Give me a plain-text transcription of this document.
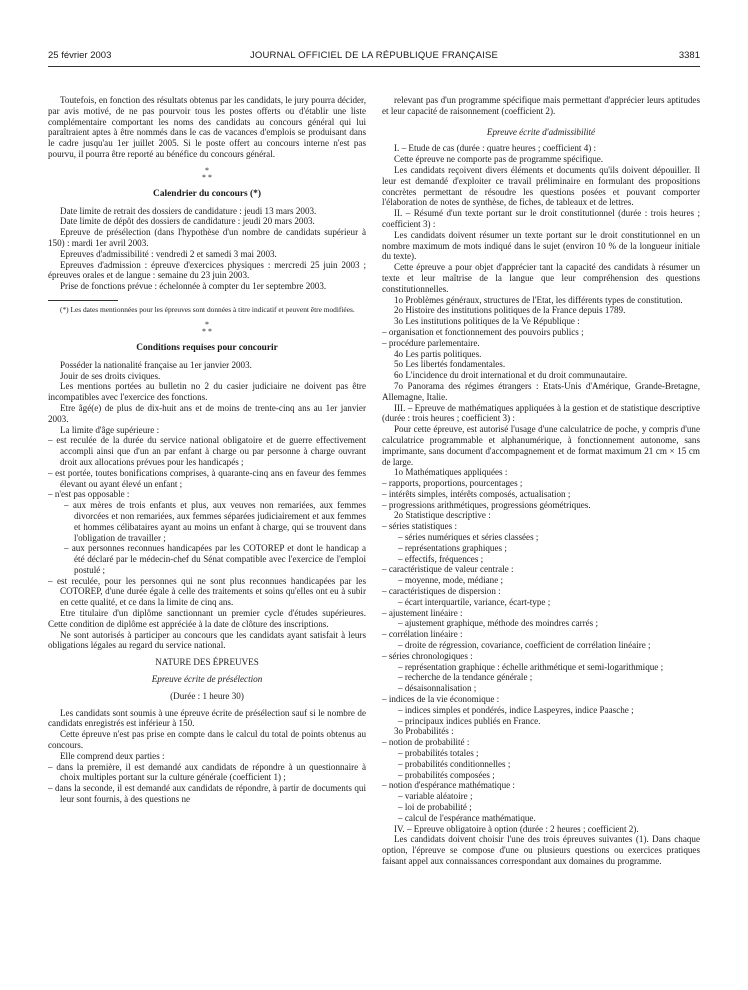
25 février 2003	JOURNAL OFFICIEL DE LA RÉPUBLIQUE FRANÇAISE	3381

Toutefois, en fonction des résultats obtenus par les candidats, le jury pourra décider, par avis motivé, de ne pas pourvoir tous les postes offerts ou d'établir une liste complémentaire comportant les noms des candidats au concours général qui lui paraîtraient aptes à être nommés dans le cas de vacances d'emplois se produisant dans le cadre jusqu'au 1er juillet 2005. Si le poste offert au concours interne n'est pas pourvu, il pourra être reporté au bénéfice du concours général.

*
* *
Calendrier du concours (*)

Date limite de retrait des dossiers de candidature : jeudi 13 mars 2003.

Date limite de dépôt des dossiers de candidature : jeudi 20 mars 2003.

Epreuve de présélection (dans l'hypothèse d'un nombre de candidats supérieur à 150) : mardi 1er avril 2003.

Epreuves d'admissibilité : vendredi 2 et samedi 3 mai 2003.

Epreuves d'admission : épreuve d'exercices physiques : mercredi 25 juin 2003 ; épreuves orales et de langue : semaine du 23 juin 2003.

Prise de fonctions prévue : échelonnée à compter du 1er septembre 2003.

(*) Les dates mentionnées pour les épreuves sont données à titre indicatif et peuvent être modifiées.

*
* *
Conditions requises pour concourir

Posséder la nationalité française au 1er janvier 2003.

Jouir de ses droits civiques.

Les mentions portées au bulletin no 2 du casier judiciaire ne doivent pas être incompatibles avec l'exercice des fonctions.

Etre âgé(e) de plus de dix-huit ans et de moins de trente-cinq ans au 1er janvier 2003.

La limite d'âge supérieure :

– est reculée de la durée du service national obligatoire et de guerre effectivement accompli ainsi que d'un an par enfant à charge ou par personne à charge ouvrant droit aux allocations prévues pour les handicapés ;

– est portée, toutes bonifications comprises, à quarante-cinq ans en faveur des femmes élevant ou ayant élevé un enfant ;

– n'est pas opposable :

– aux mères de trois enfants et plus, aux veuves non remariées, aux femmes divorcées et non remariées, aux femmes séparées judiciairement et aux femmes et hommes célibataires ayant au moins un enfant à charge, qui se trouvent dans l'obligation de travailler ;

– aux personnes reconnues handicapées par les COTOREP et dont le handicap a été déclaré par le médecin-chef du Sénat compatible avec l'exercice de l'emploi postulé ;

– est reculée, pour les personnes qui ne sont plus reconnues handicapées par les COTOREP, d'une durée égale à celle des traitements et soins qu'elles ont eu à subir en cette qualité, et ce dans la limite de cinq ans.

Etre titulaire d'un diplôme sanctionnant un premier cycle d'études supérieures. Cette condition de diplôme est appréciée à la date de clôture des inscriptions.

Ne sont autorisés à participer au concours que les candidats ayant satisfait à leurs obligations légales au regard du service national.

NATURE DES ÉPREUVES
Epreuve écrite de présélection
(Durée : 1 heure 30)

Les candidats sont soumis à une épreuve écrite de présélection sauf si le nombre de candidats enregistrés est inférieur à 150.

Cette épreuve n'est pas prise en compte dans le calcul du total de points obtenus au concours.

Elle comprend deux parties :

– dans la première, il est demandé aux candidats de répondre à un questionnaire à choix multiples portant sur la culture générale (coefficient 1) ;

– dans la seconde, il est demandé aux candidats de répondre, à partir de documents qui leur sont fournis, à des questions ne

relevant pas d'un programme spécifique mais permettant d'apprécier leurs aptitudes et leur capacité de raisonnement (coefficient 2).

Epreuve écrite d'admissibilité

I. – Etude de cas (durée : quatre heures ; coefficient 4) :

Cette épreuve ne comporte pas de programme spécifique.

Les candidats reçoivent divers éléments et documents qu'ils doivent dépouiller. Il leur est demandé d'exploiter ce travail préliminaire en formulant des propositions concrètes permettant de résoudre les questions posées et pouvant comporter l'élaboration de notes de synthèse, de fiches, de tableaux et de lettres.

II. – Résumé d'un texte portant sur le droit constitutionnel (durée : trois heures ; coefficient 3) :

Les candidats doivent résumer un texte portant sur le droit constitutionnel en un nombre maximum de mots indiqué dans le sujet (environ 10 % de la longueur initiale du texte).

Cette épreuve a pour objet d'apprécier tant la capacité des candidats à résumer un texte et leur maîtrise de la langue que leur compréhension des questions constitutionnelles.

1o Problèmes généraux, structures de l'Etat, les différents types de constitution.

2o Histoire des institutions politiques de la France depuis 1789.

3o Les institutions politiques de la Ve République :

– organisation et fonctionnement des pouvoirs publics ;

– procédure parlementaire.

4o Les partis politiques.

5o Les libertés fondamentales.

6o L'incidence du droit international et du droit communautaire.

7o Panorama des régimes étrangers : Etats-Unis d'Amérique, Grande-Bretagne, Allemagne, Italie.

III. – Epreuve de mathématiques appliquées à la gestion et de statistique descriptive (durée : trois heures ; coefficient 3) :

Pour cette épreuve, est autorisé l'usage d'une calculatrice de poche, y compris d'une calculatrice programmable et alphanumérique, à fonctionnement autonome, sans imprimante, sans document d'accompagnement et de format maximum 21 cm × 15 cm de large.

1o Mathématiques appliquées :

– rapports, proportions, pourcentages ;

– intérêts simples, intérêts composés, actualisation ;

– progressions arithmétiques, progressions géométriques.

2o Statistique descriptive :

– séries statistiques :

– séries numériques et séries classées ;

– représentations graphiques ;

– effectifs, fréquences ;

– caractéristique de valeur centrale :

– moyenne, mode, médiane ;

– caractéristiques de dispersion :

– écart interquartile, variance, écart-type ;

– ajustement linéaire :

– ajustement graphique, méthode des moindres carrés ;

– corrélation linéaire :

– droite de régression, covariance, coefficient de corrélation linéaire ;

– séries chronologiques :

– représentation graphique : échelle arithmétique et semi-logarithmique ;

– recherche de la tendance générale ;

– désaisonnalisation ;

– indices de la vie économique :

– indices simples et pondérés, indice Laspeyres, indice Paasche ;

– principaux indices publiés en France.

3o Probabilités :

– notion de probabilité :

– probabilités totales ;

– probabilités conditionnelles ;

– probabilités composées ;

– notion d'espérance mathématique :

– variable aléatoire ;

– loi de probabilité ;

– calcul de l'espérance mathématique.

IV. – Epreuve obligatoire à option (durée : 2 heures ; coefficient 2).

Les candidats doivent choisir l'une des trois épreuves suivantes (1). Dans chaque option, l'épreuve se compose d'une ou plusieurs questions ou exercices pratiques faisant appel aux connaissances correspondant aux domaines du programme.
